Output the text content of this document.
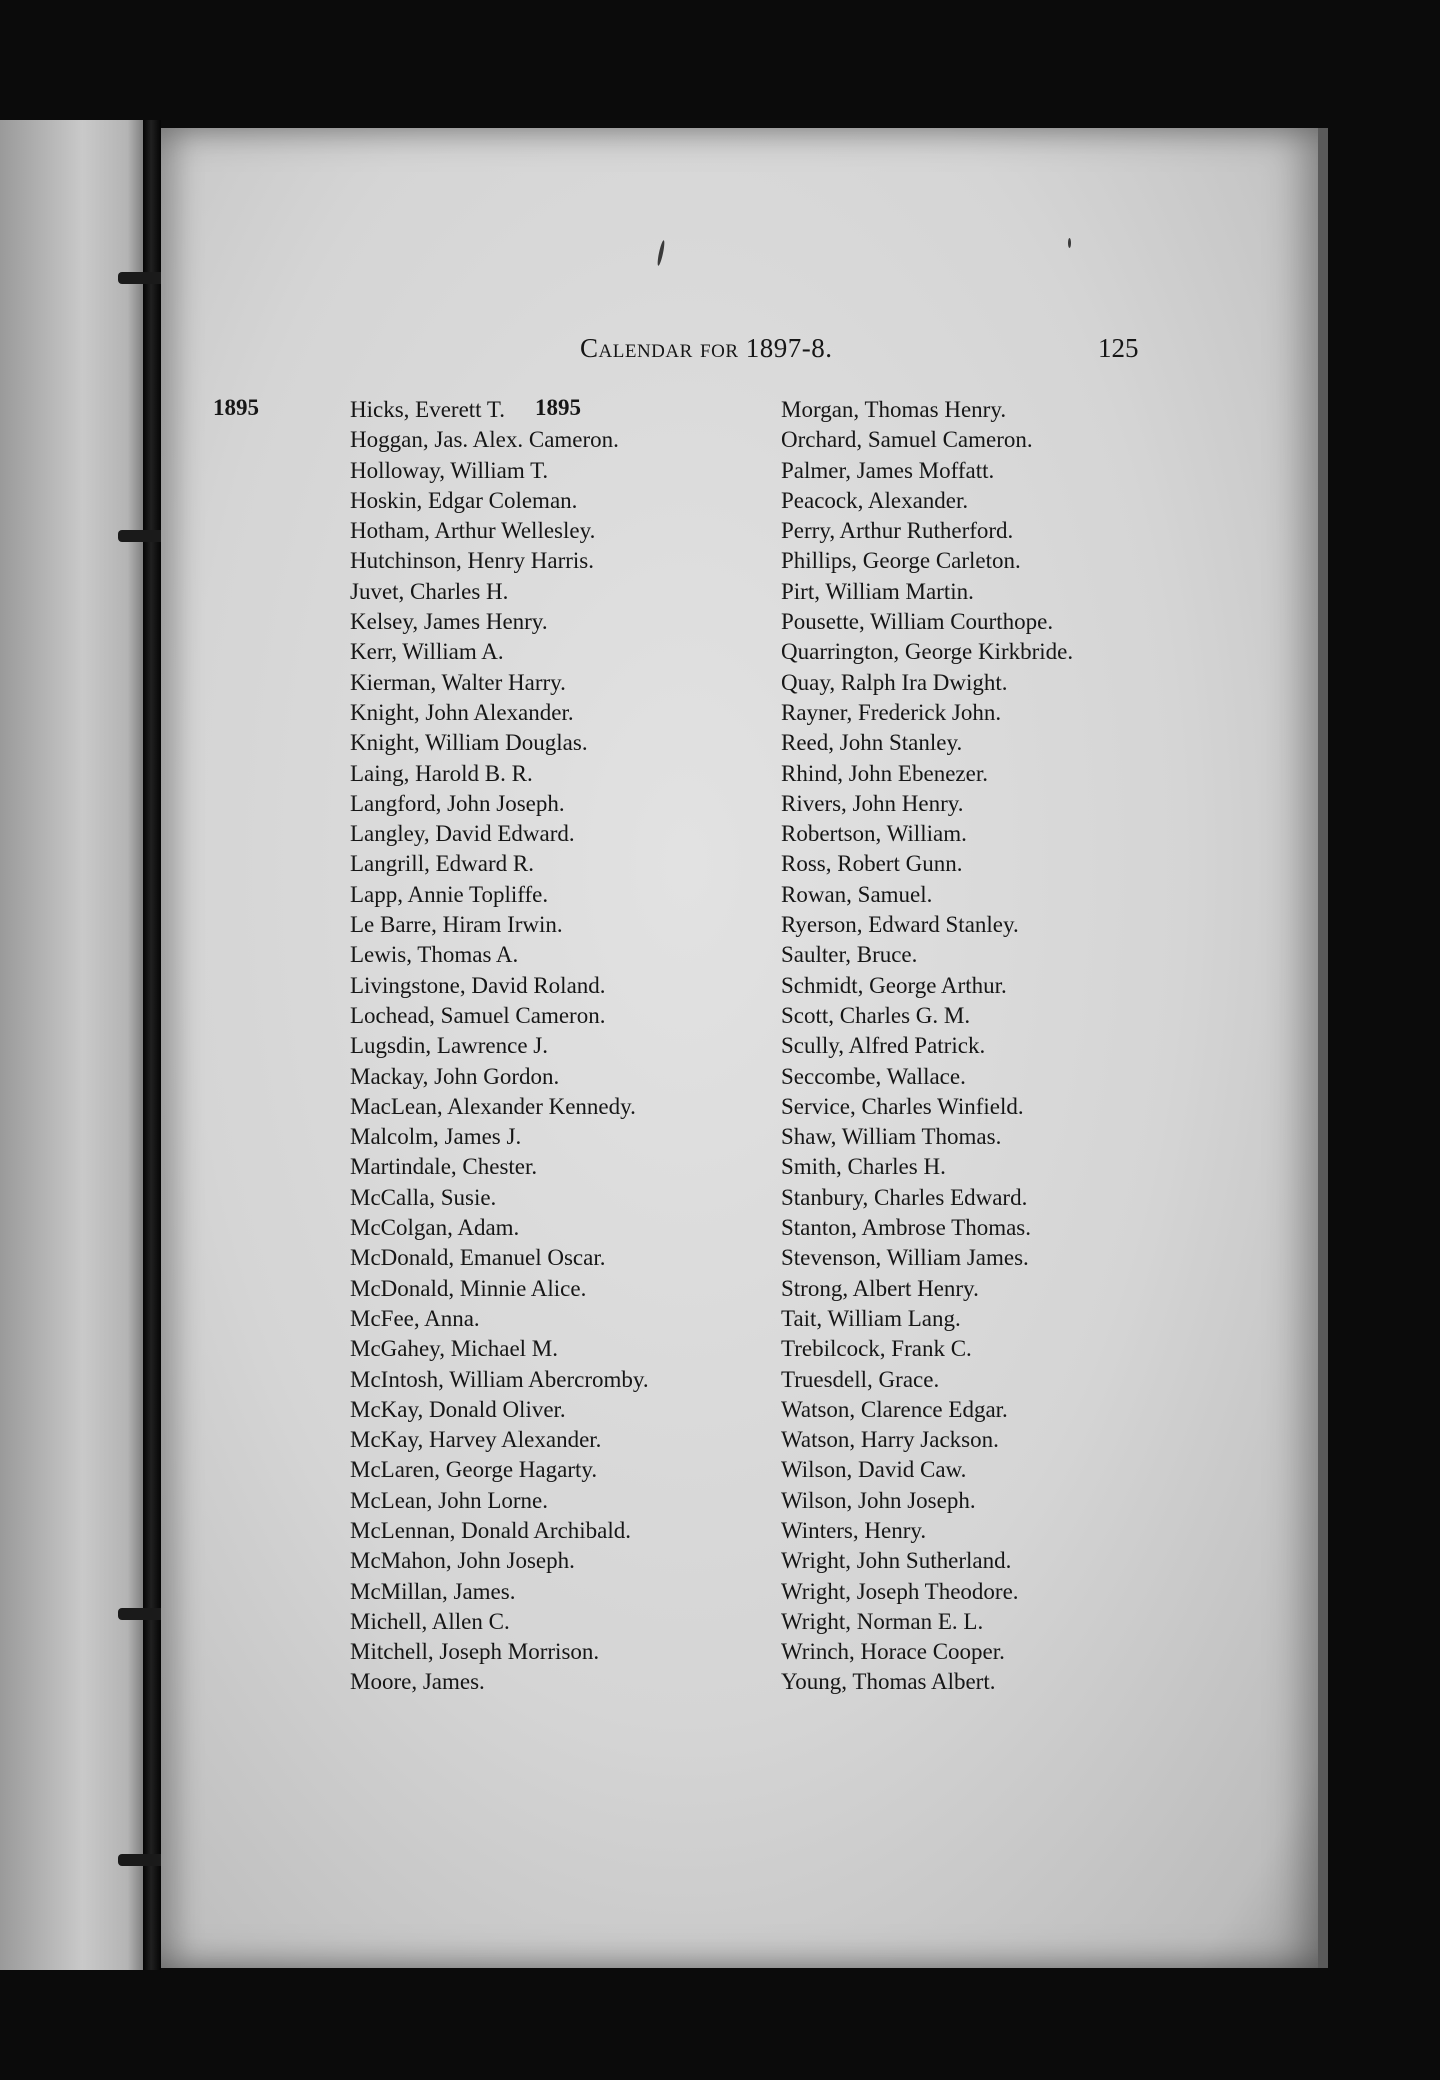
Calendar for 1897-8.	125
1895	1895
Hicks, Everett T.
Hoggan, Jas. Alex. Cameron.
Holloway, William T.
Hoskin, Edgar Coleman.
Hotham, Arthur Wellesley.
Hutchinson, Henry Harris.
Juvet, Charles H.
Kelsey, James Henry.
Kerr, William A.
Kierman, Walter Harry.
Knight, John Alexander.
Knight, William Douglas.
Laing, Harold B. R.
Langford, John Joseph.
Langley, David Edward.
Langrill, Edward R.
Lapp, Annie Topliffe.
Le Barre, Hiram Irwin.
Lewis, Thomas A.
Livingstone, David Roland.
Lochead, Samuel Cameron.
Lugsdin, Lawrence J.
Mackay, John Gordon.
MacLean, Alexander Kennedy.
Malcolm, James J.
Martindale, Chester.
McCalla, Susie.
McColgan, Adam.
McDonald, Emanuel Oscar.
McDonald, Minnie Alice.
McFee, Anna.
McGahey, Michael M.
McIntosh, William Abercromby.
McKay, Donald Oliver.
McKay, Harvey Alexander.
McLaren, George Hagarty.
McLean, John Lorne.
McLennan, Donald Archibald.
McMahon, John Joseph.
McMillan, James.
Michell, Allen C.
Mitchell, Joseph Morrison.
Moore, James.
Morgan, Thomas Henry.
Orchard, Samuel Cameron.
Palmer, James Moffatt.
Peacock, Alexander.
Perry, Arthur Rutherford.
Phillips, George Carleton.
Pirt, William Martin.
Pousette, William Courthope.
Quarrington, George Kirkbride.
Quay, Ralph Ira Dwight.
Rayner, Frederick John.
Reed, John Stanley.
Rhind, John Ebenezer.
Rivers, John Henry.
Robertson, William.
Ross, Robert Gunn.
Rowan, Samuel.
Ryerson, Edward Stanley.
Saulter, Bruce.
Schmidt, George Arthur.
Scott, Charles G. M.
Scully, Alfred Patrick.
Seccombe, Wallace.
Service, Charles Winfield.
Shaw, William Thomas.
Smith, Charles H.
Stanbury, Charles Edward.
Stanton, Ambrose Thomas.
Stevenson, William James.
Strong, Albert Henry.
Tait, William Lang.
Trebilcock, Frank C.
Truesdell, Grace.
Watson, Clarence Edgar.
Watson, Harry Jackson.
Wilson, David Caw.
Wilson, John Joseph.
Winters, Henry.
Wright, John Sutherland.
Wright, Joseph Theodore.
Wright, Norman E. L.
Wrinch, Horace Cooper.
Young, Thomas Albert.
